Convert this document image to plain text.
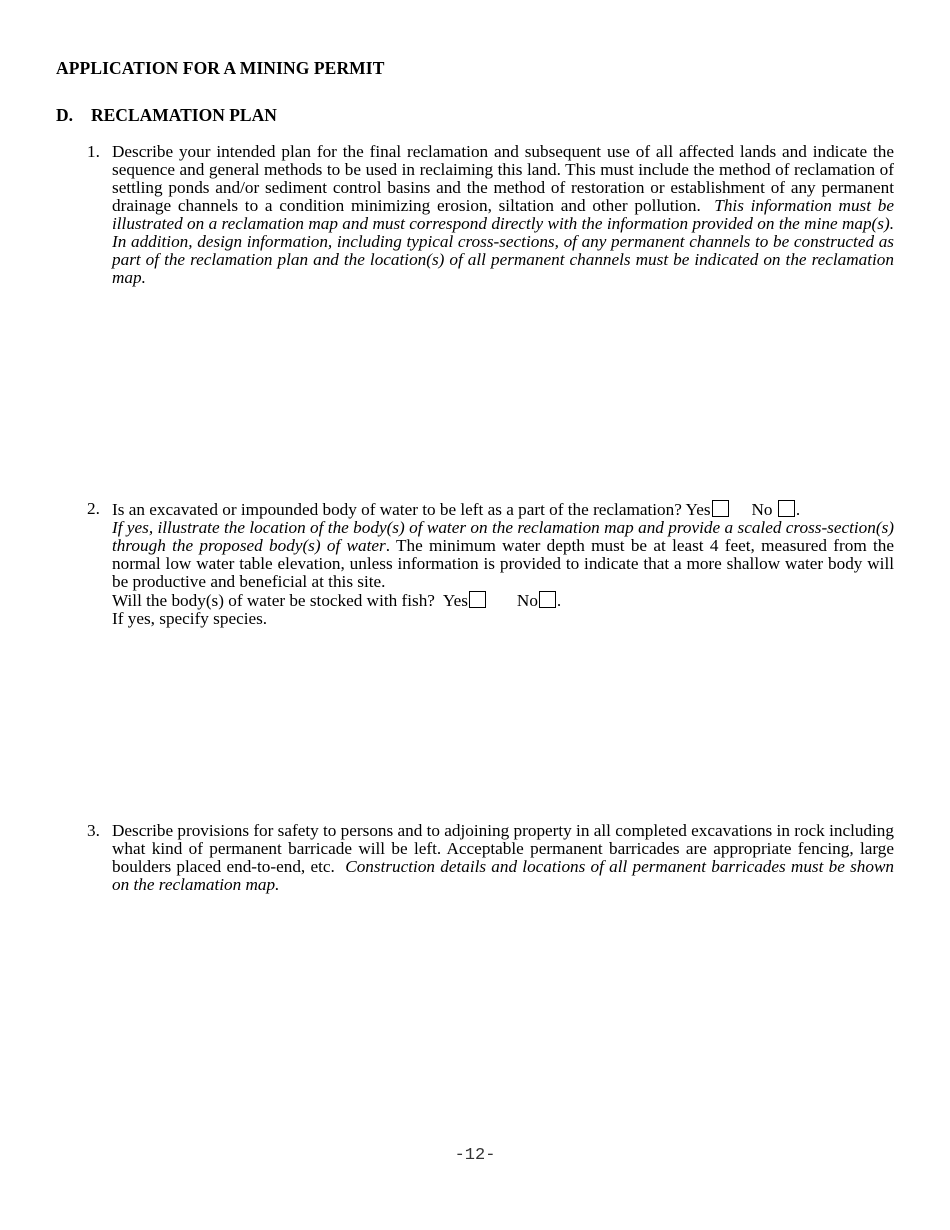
APPLICATION FOR A MINING PERMIT
D. RECLAMATION PLAN
1. Describe your intended plan for the final reclamation and subsequent use of all affected lands and indicate the sequence and general methods to be used in reclaiming this land. This must include the method of reclamation of settling ponds and/or sediment control basins and the method of restoration or establishment of any permanent drainage channels to a condition minimizing erosion, siltation and other pollution. This information must be illustrated on a reclamation map and must correspond directly with the information provided on the mine map(s). In addition, design information, including typical cross-sections, of any permanent channels to be constructed as part of the reclamation plan and the location(s) of all permanent channels must be indicated on the reclamation map.

2. Is an excavated or impounded body of water to be left as a part of the reclamation? Yes No .

If yes, illustrate the location of the body(s) of water on the reclamation map and provide a scaled cross-section(s) through the proposed body(s) of water. The minimum water depth must be at least 4 feet, measured from the normal low water table elevation, unless information is provided to indicate that a more shallow water body will be productive and beneficial at this site.

Will the body(s) of water be stocked with fish? Yes	No .

If yes, specify species.

3. Describe provisions for safety to persons and to adjoining property in all completed excavations in rock including what kind of permanent barricade will be left. Acceptable permanent barricades are appropriate fencing, large boulders placed end-to-end, etc. Construction details and locations of all permanent barricades must be shown on the reclamation map.

-12-
